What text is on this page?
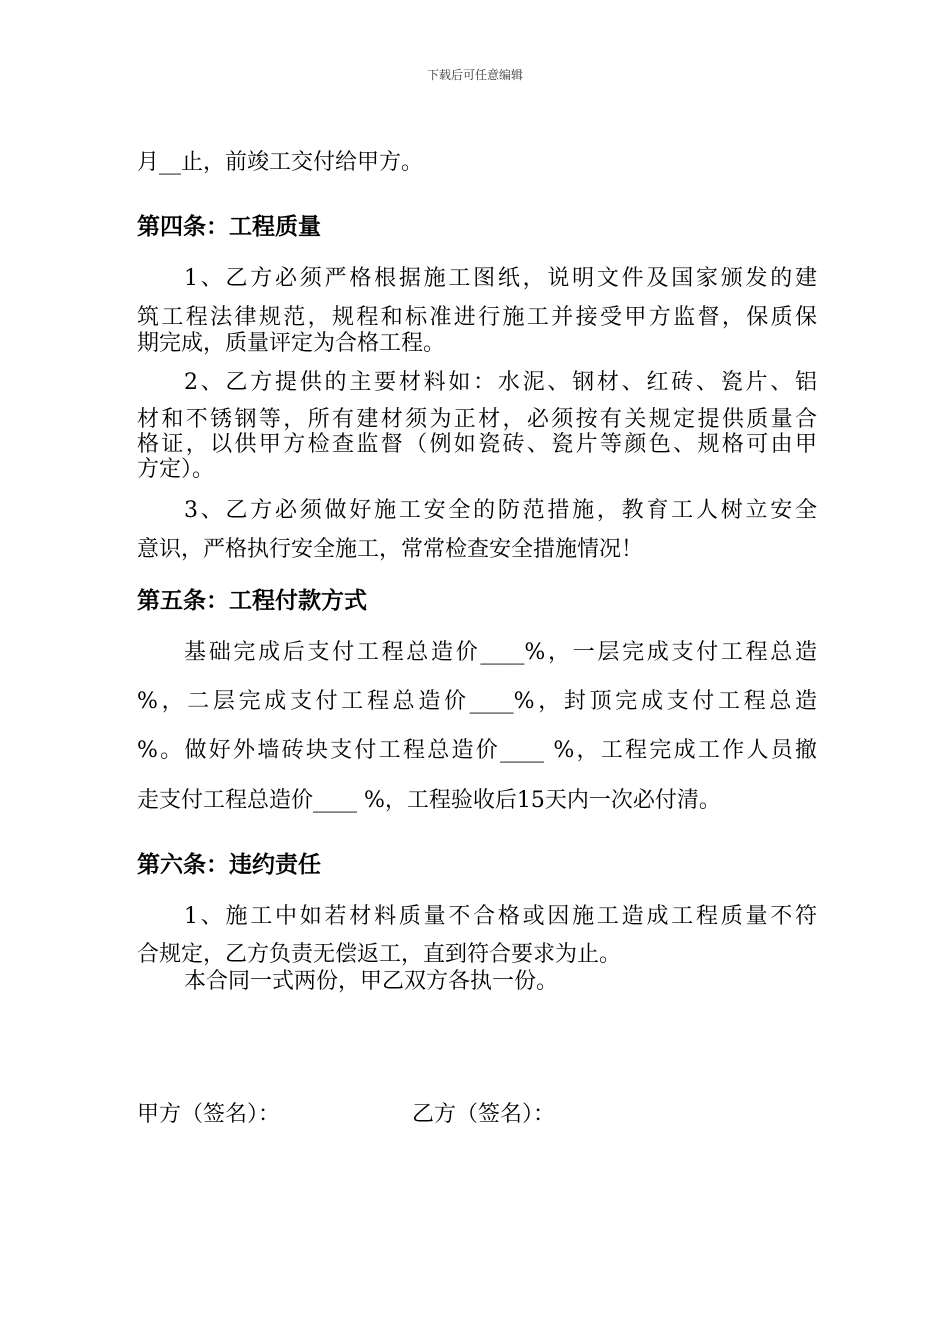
下载后可任意编辑
月__止，前竣工交付给甲方。
第四条：工程质量
1、乙方必须严格根据施工图纸，说明文件及国家颁发的建
筑工程法律规范，规程和标准进行施工并接受甲方监督，保质保
期完成，质量评定为合格工程。
2、乙方提供的主要材料如：水泥、钢材、红砖、瓷片、铝
材和不锈钢等，所有建材须为正材，必须按有关规定提供质量合
格证，以供甲方检查监督（例如瓷砖、瓷片等颜色、规格可由甲
方定）。
3、乙方必须做好施工安全的防范措施，教育工人树立安全
意识，严格执行安全施工，常常检查安全措施情况！
第五条：工程付款方式
基础完成后支付工程总造价____%，一层完成支付工程总造
%，二层完成支付工程总造价____%，封顶完成支付工程总造
%。做好外墙砖块支付工程总造价____ %，工程完成工作人员撤
走支付工程总造价____ %，工程验收后15天内一次必付清。
第六条：违约责任
1、施工中如若材料质量不合格或因施工造成工程质量不符
合规定，乙方负责无偿返工，直到符合要求为止。
本合同一式两份，甲乙双方各执一份。
甲方（签名）：	乙方（签名）：
